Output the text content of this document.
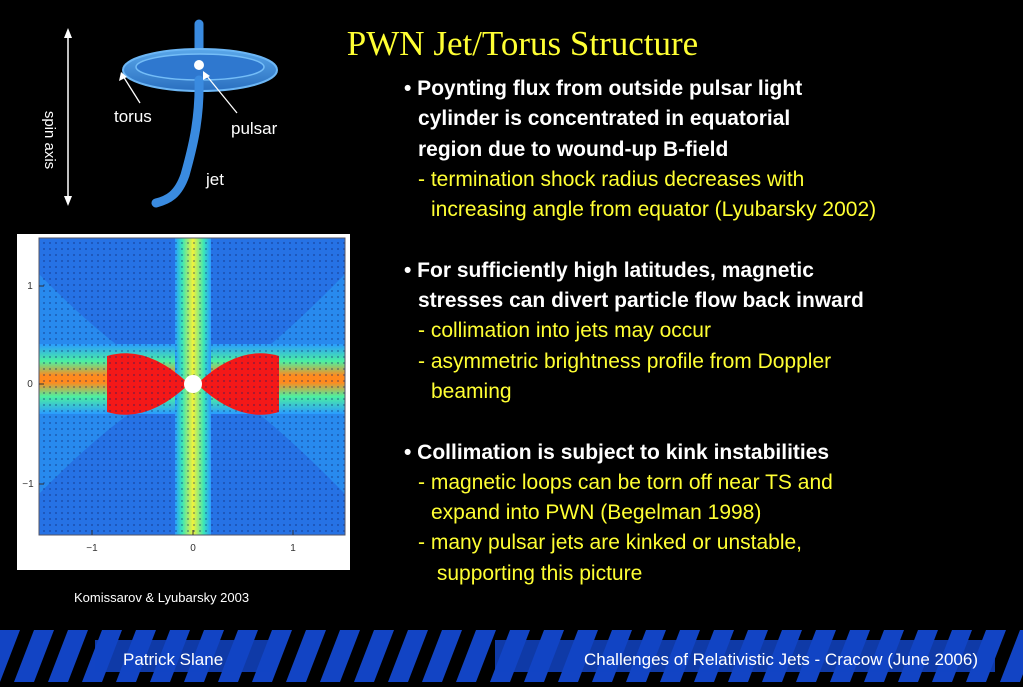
PWN Jet/Torus Structure
spin axis	torus
pulsar
jet
−1	0	1
1
0
−1
Komissarov & Lyubarsky 2003
• Poynting flux from outside pulsar light
cylinder is concentrated in equatorial
region due to wound-up B-field
- termination shock radius decreases with
increasing angle from equator (Lyubarsky 2002)
• For sufficiently high latitudes, magnetic
stresses can divert particle flow back inward
- collimation into jets may occur
- asymmetric brightness profile from Doppler
beaming
• Collimation is subject to kink instabilities
- magnetic loops can be torn off near TS and
expand into PWN (Begelman 1998)
- many pulsar jets are kinked or unstable,
supporting this picture
Patrick Slane	Challenges of Relativistic Jets - Cracow (June 2006)
